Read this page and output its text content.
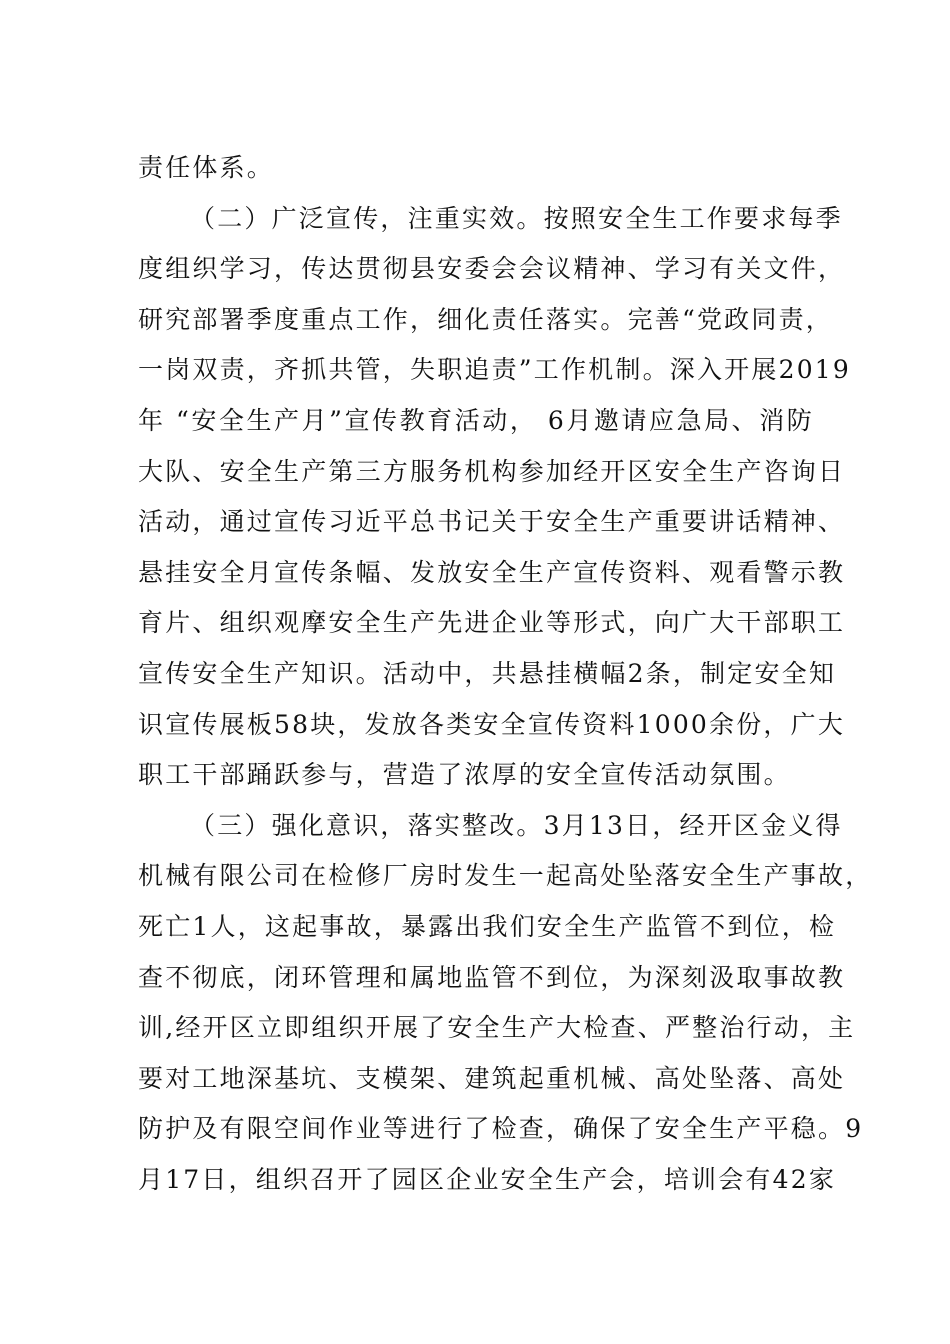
责任体系。
（二）广泛宣传，注重实效。按照安全生工作要求每季
度组织学习，传达贯彻县安委会会议精神、学习有关文件，
研究部署季度重点工作，细化责任落实。完善“党政同责，
一岗双责，齐抓共管，失职追责”工作机制。深入开展2019
年 “安全生产月”宣传教育活动， 6月邀请应急局、消防
大队、安全生产第三方服务机构参加经开区安全生产咨询日
活动，通过宣传习近平总书记关于安全生产重要讲话精神、
悬挂安全月宣传条幅、发放安全生产宣传资料、观看警示教
育片、组织观摩安全生产先进企业等形式，向广大干部职工
宣传安全生产知识。活动中，共悬挂横幅2条，制定安全知
识宣传展板58块，发放各类安全宣传资料1000余份，广大
职工干部踊跃参与，营造了浓厚的安全宣传活动氛围。
（三）强化意识，落实整改。3月13日，经开区金义得
机械有限公司在检修厂房时发生一起高处坠落安全生产事故，
死亡1人，这起事故，暴露出我们安全生产监管不到位，检
查不彻底，闭环管理和属地监管不到位，为深刻汲取事故教
训,经开区立即组织开展了安全生产大检查、严整治行动，主
要对工地深基坑、支模架、建筑起重机械、高处坠落、高处
防护及有限空间作业等进行了检查，确保了安全生产平稳。9
月17日，组织召开了园区企业安全生产会，培训会有42家
